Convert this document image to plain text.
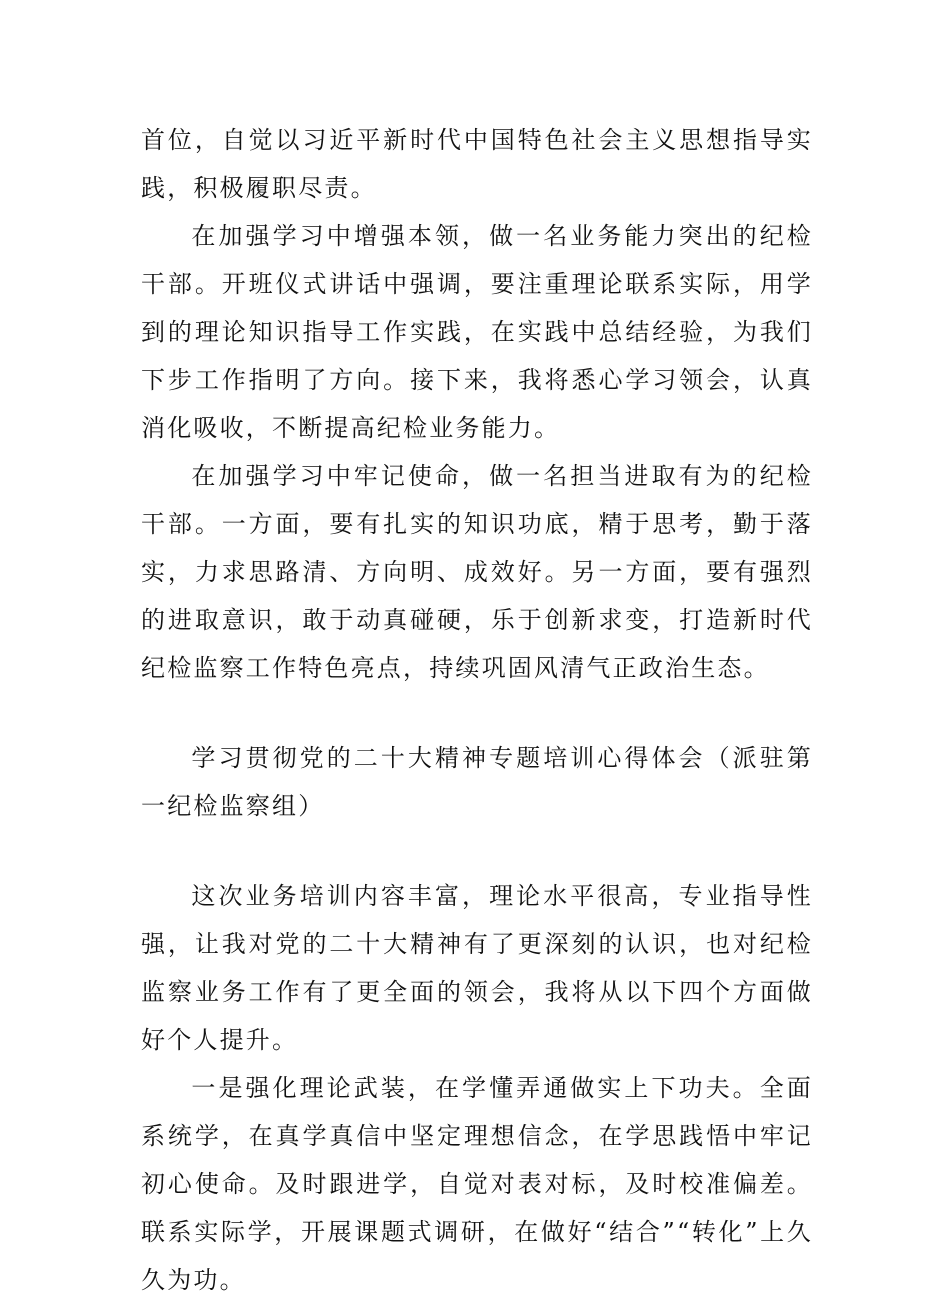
首位，自觉以习近平新时代中国特色社会主义思想指导实践，积极履职尽责。

在加强学习中增强本领，做一名业务能力突出的纪检干部。开班仪式讲话中强调，要注重理论联系实际，用学到的理论知识指导工作实践，在实践中总结经验，为我们下步工作指明了方向。接下来，我将悉心学习领会，认真消化吸收，不断提高纪检业务能力。

在加强学习中牢记使命，做一名担当进取有为的纪检干部。一方面，要有扎实的知识功底，精于思考，勤于落实，力求思路清、方向明、成效好。另一方面，要有强烈的进取意识，敢于动真碰硬，乐于创新求变，打造新时代纪检监察工作特色亮点，持续巩固风清气正政治生态。

学习贯彻党的二十大精神专题培训心得体会（派驻第一纪检监察组）

这次业务培训内容丰富，理论水平很高，专业指导性强，让我对党的二十大精神有了更深刻的认识，也对纪检监察业务工作有了更全面的领会，我将从以下四个方面做好个人提升。

一是强化理论武装，在学懂弄通做实上下功夫。全面系统学，在真学真信中坚定理想信念，在学思践悟中牢记初心使命。及时跟进学，自觉对表对标，及时校准偏差。联系实际学，开展课题式调研，在做好“结合”“转化”上久久为功。
